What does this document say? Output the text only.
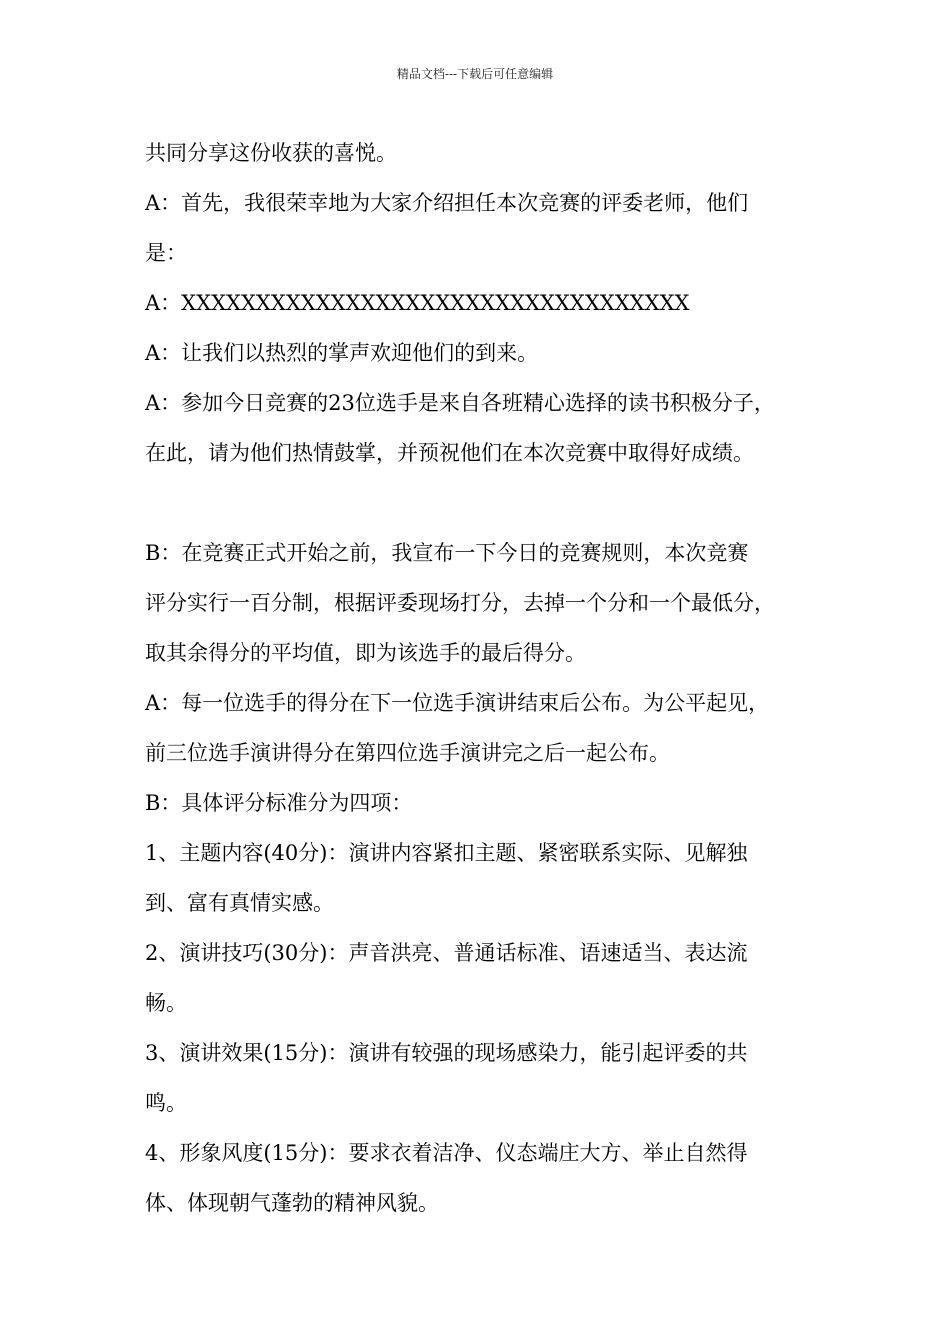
精品文档---下载后可任意编辑
共同分享这份收获的喜悦。
A：首先，我很荣幸地为大家介绍担任本次竞赛的评委老师，他们
是：
A：XXXXXXXXXXXXXXXXXXXXXXXXXXXXXXXXXX
A：让我们以热烈的掌声欢迎他们的到来。
A：参加今日竞赛的23位选手是来自各班精心选择的读书积极分子，
在此，请为他们热情鼓掌，并预祝他们在本次竞赛中取得好成绩。
B：在竞赛正式开始之前，我宣布一下今日的竞赛规则，本次竞赛
评分实行一百分制，根据评委现场打分，去掉一个分和一个最低分，
取其余得分的平均值，即为该选手的最后得分。
A：每一位选手的得分在下一位选手演讲结束后公布。为公平起见，
前三位选手演讲得分在第四位选手演讲完之后一起公布。
B：具体评分标准分为四项：
1、主题内容(40分)：演讲内容紧扣主题、紧密联系实际、见解独
到、富有真情实感。
2、演讲技巧(30分)：声音洪亮、普通话标准、语速适当、表达流
畅。
3、演讲效果(15分)：演讲有较强的现场感染力，能引起评委的共
鸣。
4、形象风度(15分)：要求衣着洁净、仪态端庄大方、举止自然得
体、体现朝气蓬勃的精神风貌。
